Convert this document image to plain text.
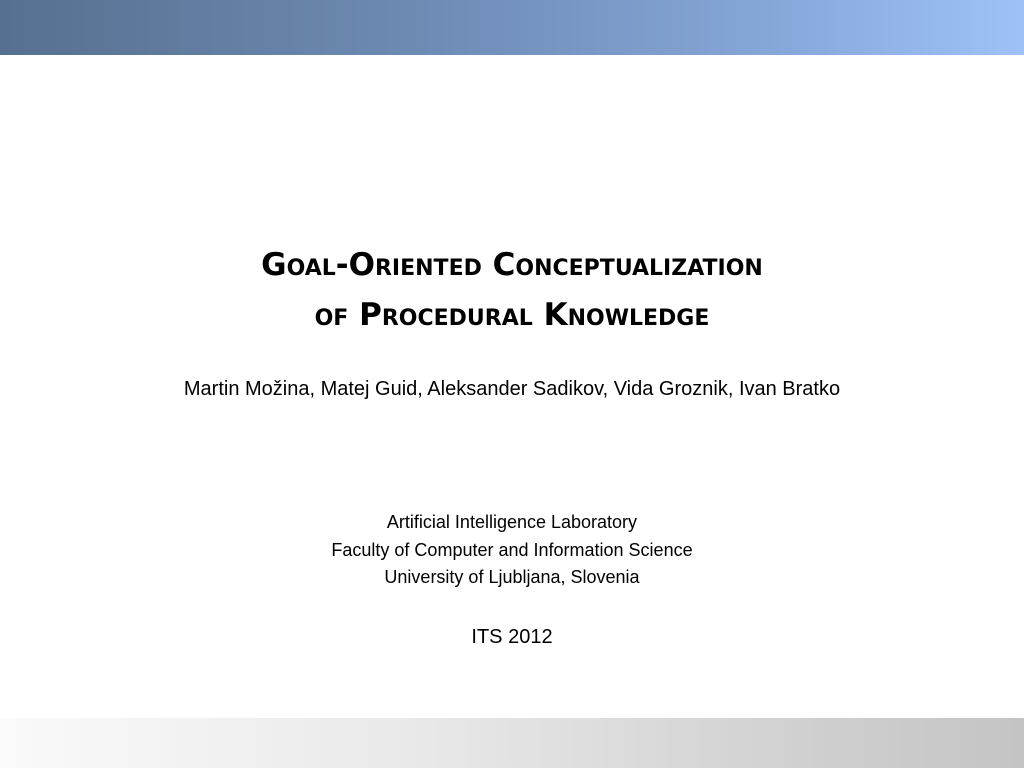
Goal-Oriented Conceptualization
of Procedural Knowledge
Martin Možina, Matej Guid, Aleksander Sadikov, Vida Groznik, Ivan Bratko
Artificial Intelligence Laboratory
Faculty of Computer and Information Science
University of Ljubljana, Slovenia
ITS 2012
